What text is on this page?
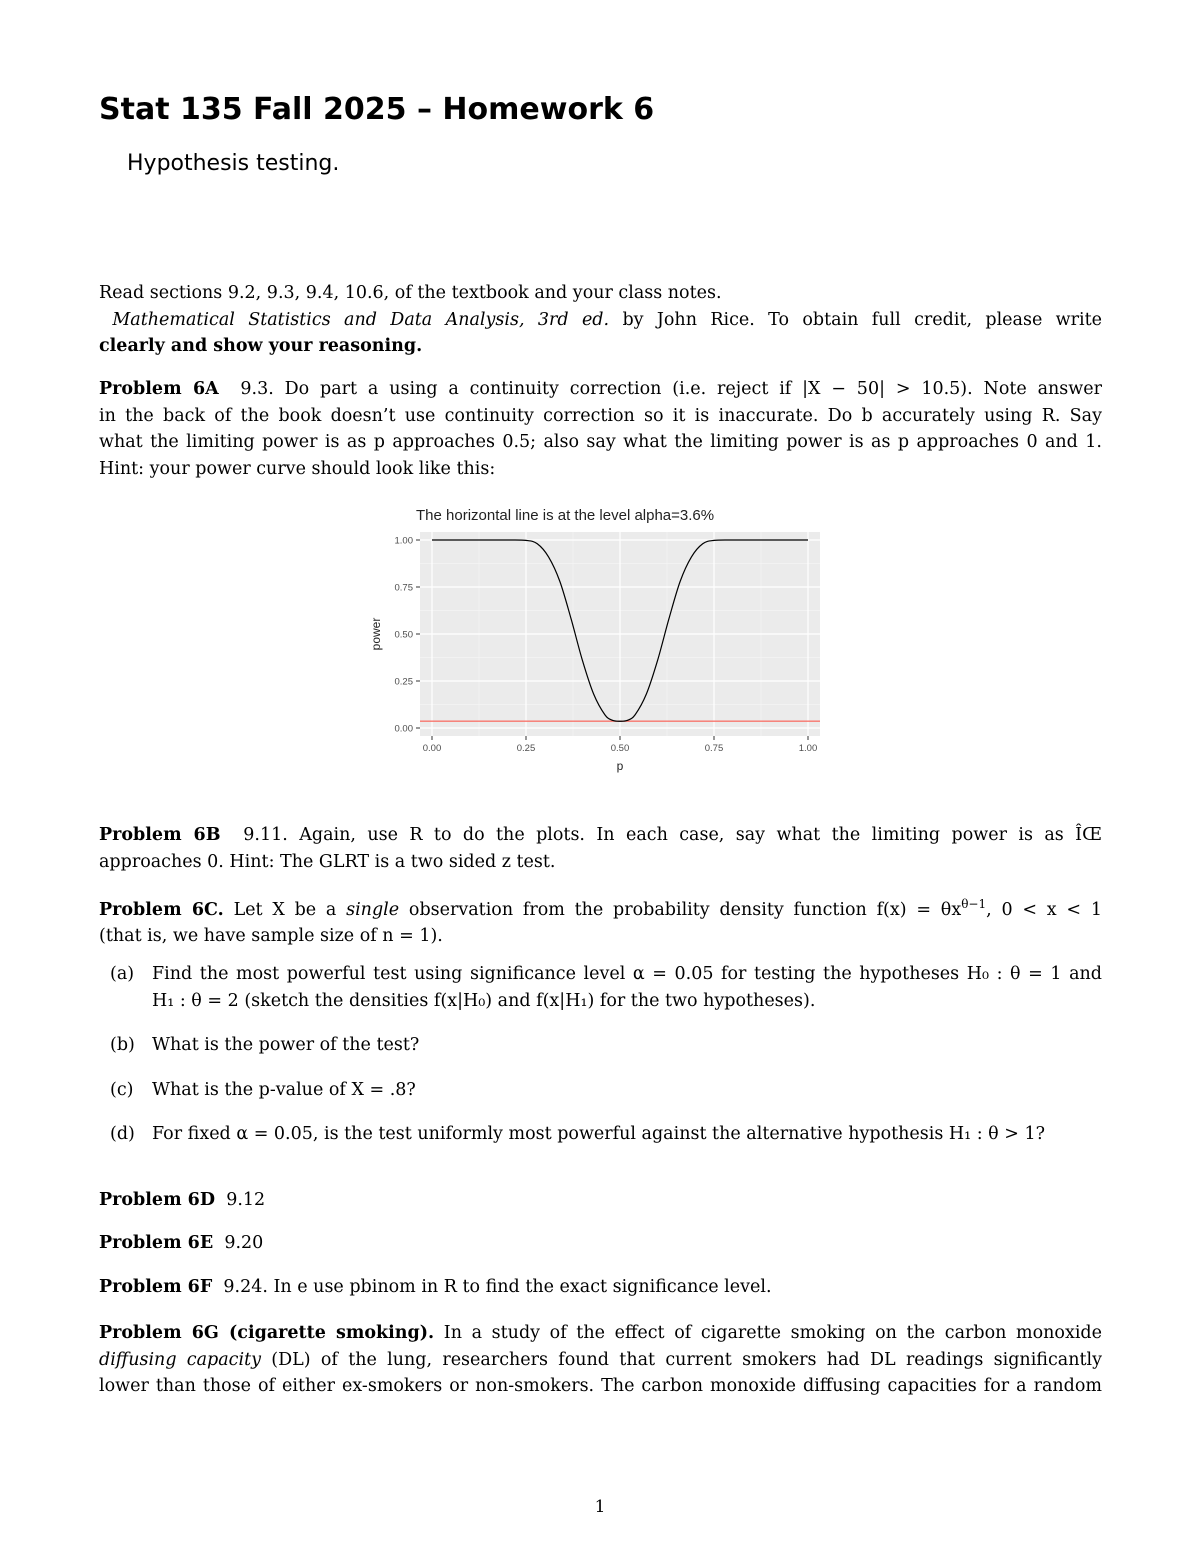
Stat 135 Fall 2025 – Homework 6
Hypothesis testing.
Read sections 9.2, 9.3, 9.4, 10.6, of the textbook and your class notes.
Mathematical Statistics and Data Analysis, 3rd ed. by John Rice. To obtain full credit, please write
clearly and show your reasoning.
Problem 6A 9.3. Do part a using a continuity correction (i.e. reject if |X − 50| > 10.5). Note answer
in the back of the book doesn’t use continuity correction so it is inaccurate. Do b accurately using R. Say
what the limiting power is as p approaches 0.5; also say what the limiting power is as p approaches 0 and 1.
Hint: your power curve should look like this:
The horizontal line is at the level alpha=3.6%
0.00	0.25	0.50	0.75	1.00
0.00
0.25
0.50
0.75
1.00
p
power
Problem 6B 9.11. Again, use R to do the plots. In each case, say what the limiting power is as ÎŒ
approaches 0. Hint: The GLRT is a two sided z test.
Problem 6C. Let X be a single observation from the probability density function $f(x) = \theta x^{\theta-1}$, 0 < x < 1
(that is, we have sample size of n = 1).
(a) Find the most powerful test using significance level α = 0.05 for testing the hypotheses H₀ : θ = 1 and
H₁ : θ = 2 (sketch the densities f(x|H₀) and f(x|H₁) for the two hypotheses).
(b) What is the power of the test?
(c) What is the p-value of X = .8?
(d) For fixed α = 0.05, is the test uniformly most powerful against the alternative hypothesis H₁ : θ > 1?
Problem 6D 9.12
Problem 6E 9.20
Problem 6F 9.24. In e use pbinom in R to find the exact significance level.
Problem 6G (cigarette smoking). In a study of the effect of cigarette smoking on the carbon monoxide
diffusing capacity (DL) of the lung, researchers found that current smokers had DL readings significantly
lower than those of either ex-smokers or non-smokers. The carbon monoxide diffusing capacities for a random
1
